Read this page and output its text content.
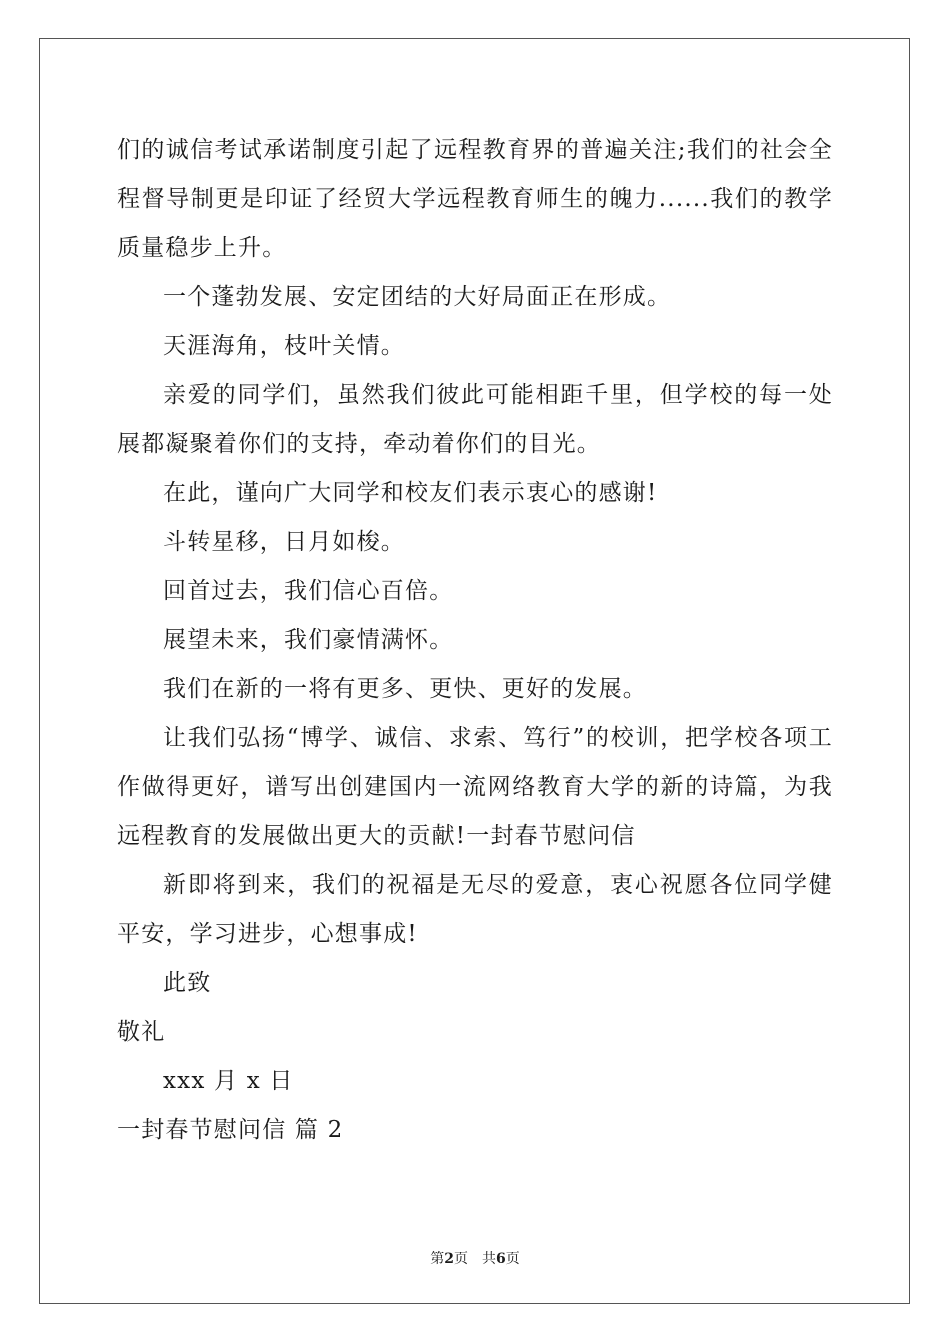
们的诚信考试承诺制度引起了远程教育界的普遍关注;我们的社会全
程督导制更是印证了经贸大学远程教育师生的魄力......我们的教学
质量稳步上升。
一个蓬勃发展、安定团结的大好局面正在形成。
天涯海角，枝叶关情。
亲爱的同学们，虽然我们彼此可能相距千里，但学校的每一处
展都凝聚着你们的支持，牵动着你们的目光。
在此，谨向广大同学和校友们表示衷心的感谢!
斗转星移，日月如梭。
回首过去，我们信心百倍。
展望未来，我们豪情满怀。
我们在新的一将有更多、更快、更好的发展。
让我们弘扬“博学、诚信、求索、笃行”的校训，把学校各项工
作做得更好，谱写出创建国内一流网络教育大学的新的诗篇，为我
远程教育的发展做出更大的贡献!一封春节慰问信
新即将到来，我们的祝福是无尽的爱意，衷心祝愿各位同学健
平安，学习进步，心想事成!
此致
敬礼
xxx 月 x 日
一封春节慰问信 篇 2
第2页 共6页
